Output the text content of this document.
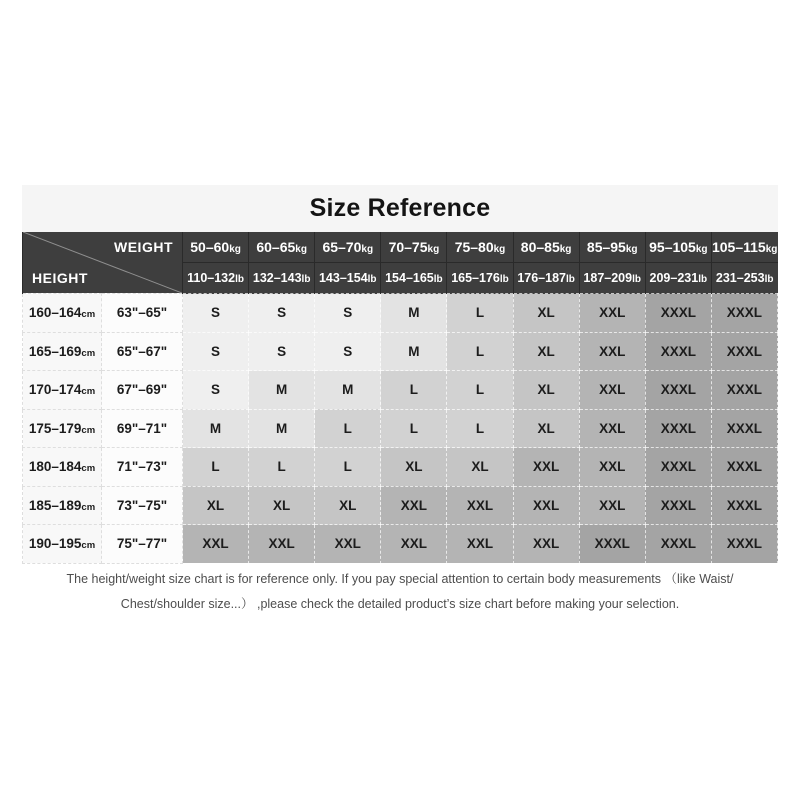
Size Reference
WEIGHT
HEIGHT		50–60kg	60–65kg	65–70kg	70–75kg	75–80kg	80–85kg	85–95kg	95–105kg	105–115kg
		110–132lb	132–143lb	143–154lb	154–165lb	165–176lb	176–187lb	187–209lb	209–231lb	231–253lb
160–164cm	63"–65"	S	S	S	M	L	XL	XXL	XXXL	XXXL
165–169cm	65"–67"	S	S	S	M	L	XL	XXL	XXXL	XXXL
170–174cm	67"–69"	S	M	M	L	L	XL	XXL	XXXL	XXXL
175–179cm	69"–71"	M	M	L	L	L	XL	XXL	XXXL	XXXL
180–184cm	71"–73"	L	L	L	XL	XL	XXL	XXL	XXXL	XXXL
185–189cm	73"–75"	XL	XL	XL	XXL	XXL	XXL	XXL	XXXL	XXXL
190–195cm	75"–77"	XXL	XXL	XXL	XXL	XXL	XXL	XXXL	XXXL	XXXL
The height/weight size chart is for reference only. If you pay special attention to certain body measurements （like Waist/
Chest/shoulder size...） ,please check the detailed product’s size chart before making your selection.
